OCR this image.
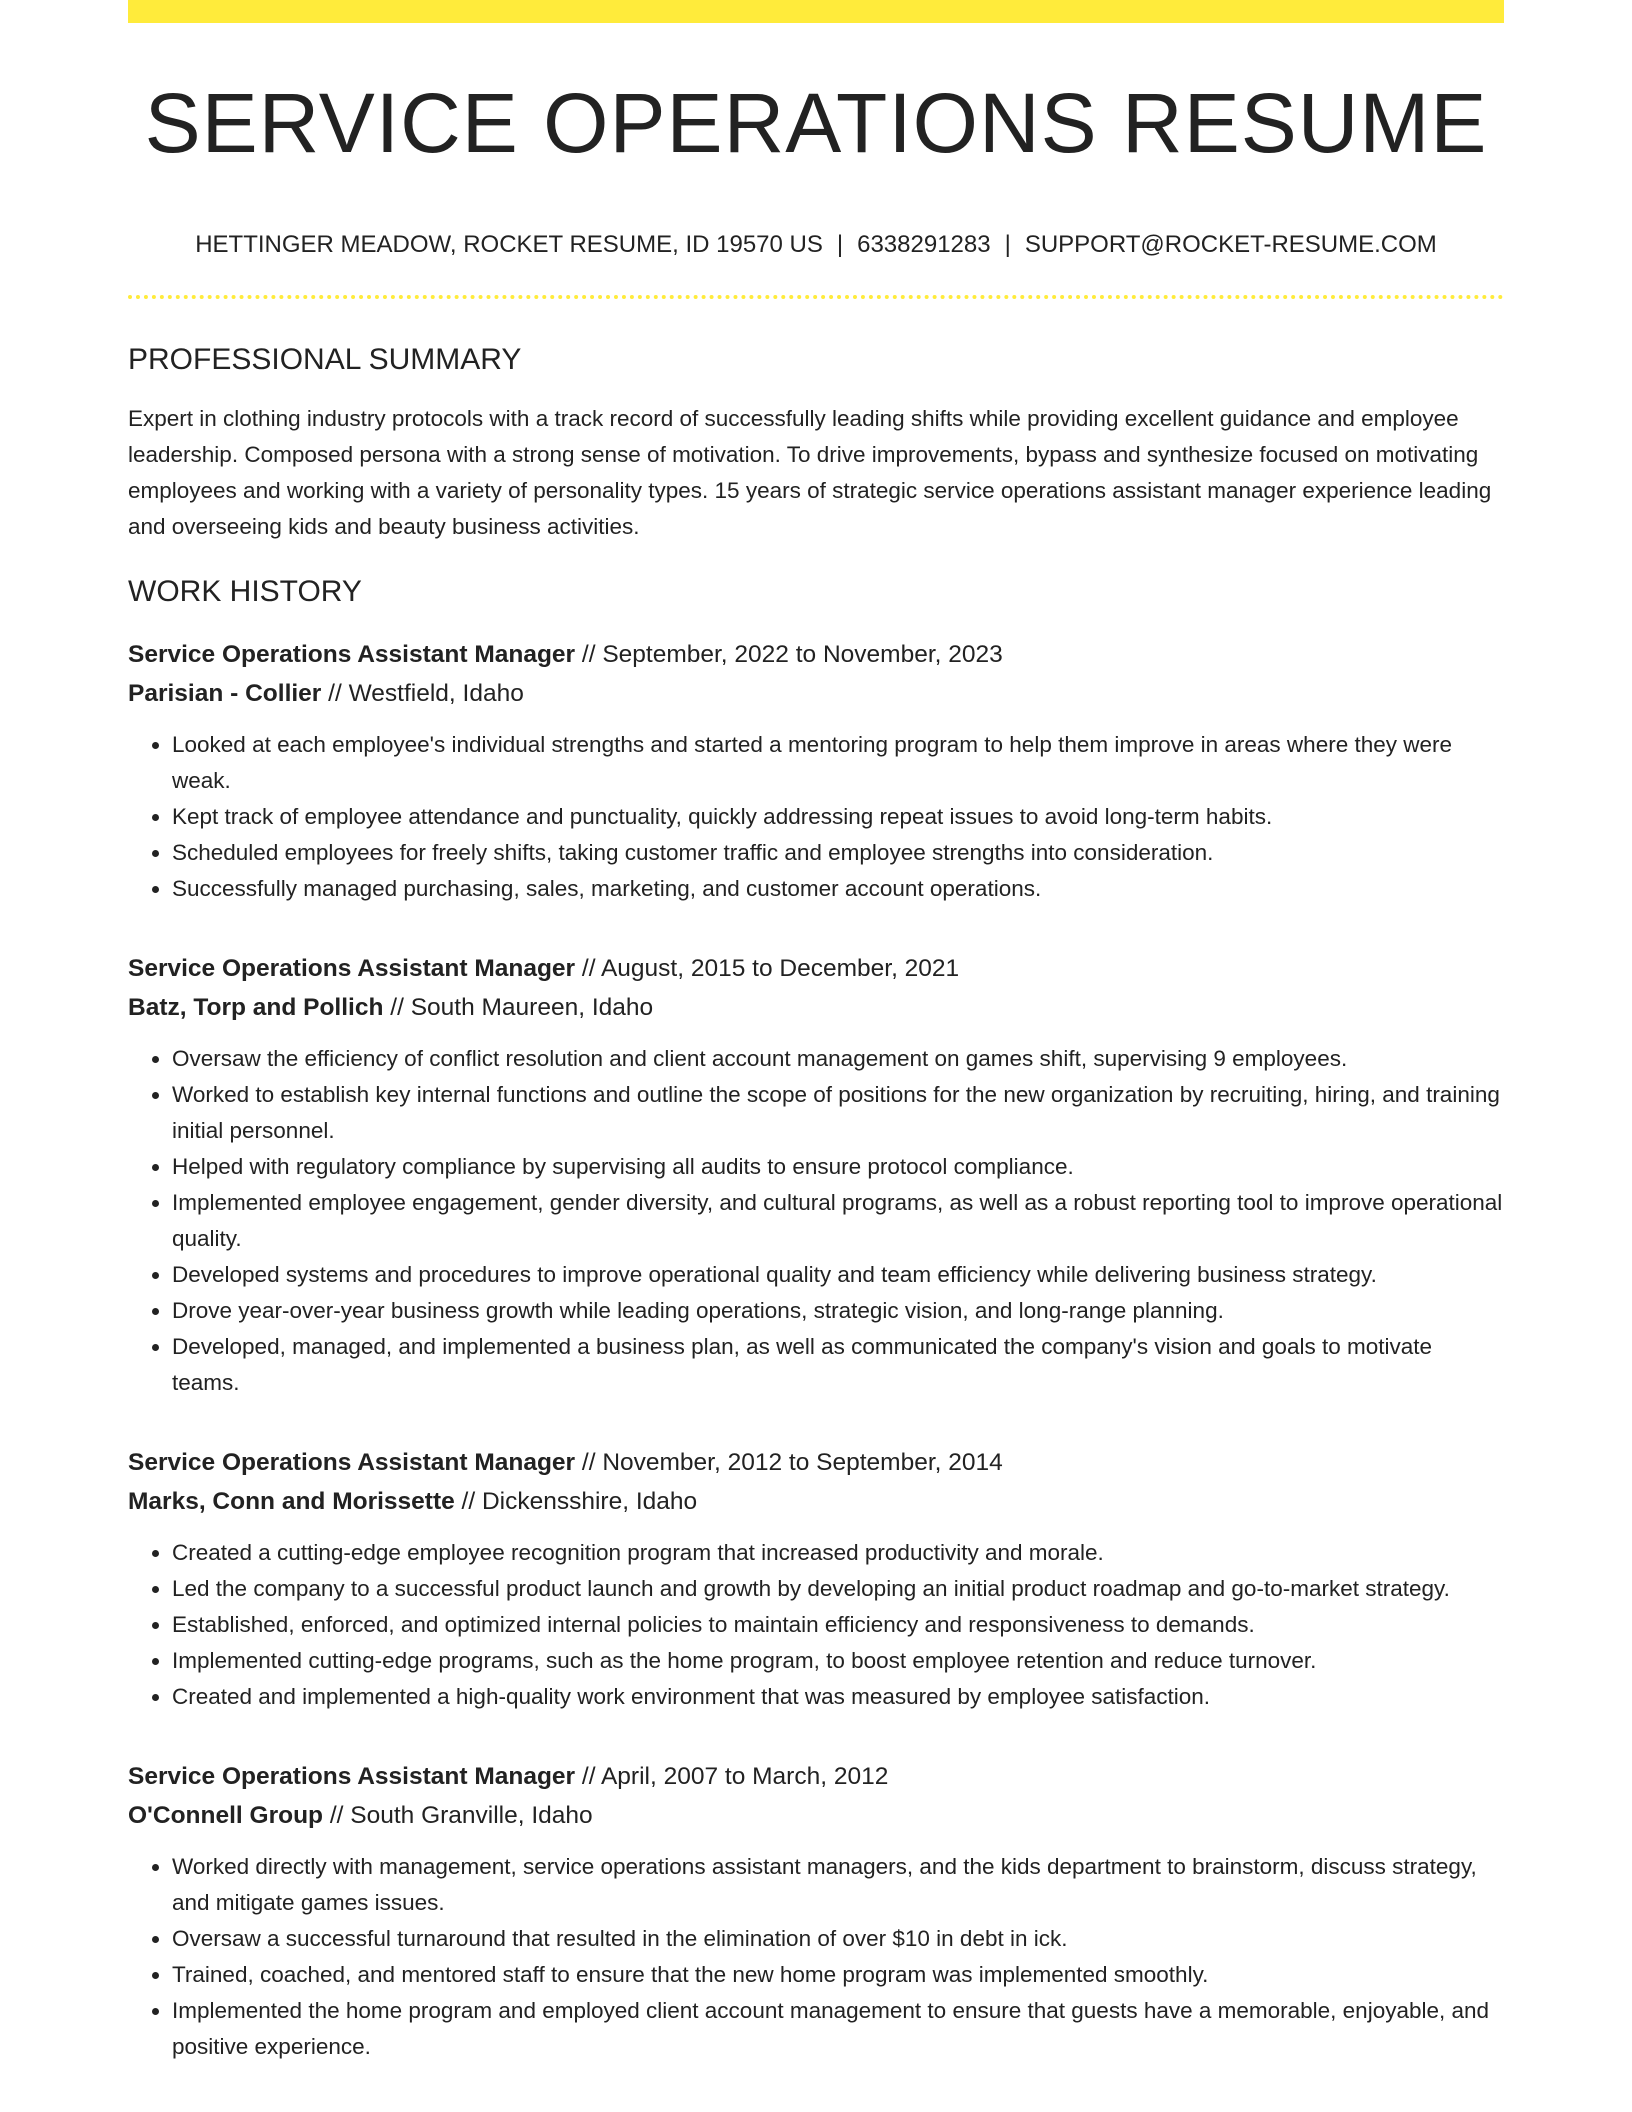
SERVICE OPERATIONS RESUME
HETTINGER MEADOW, ROCKET RESUME, ID 19570 US | 6338291283 | SUPPORT@ROCKET-RESUME.COM
PROFESSIONAL SUMMARY

Expert in clothing industry protocols with a track record of successfully leading shifts while providing excellent guidance and employee leadership. Composed persona with a strong sense of motivation. To drive improvements, bypass and synthesize focused on motivating employees and working with a variety of personality types. 15 years of strategic service operations assistant manager experience leading and overseeing kids and beauty business activities.

WORK HISTORY
Service Operations Assistant Manager // September, 2022 to November, 2023
Parisian - Collier // Westfield, Idaho
• Looked at each employee's individual strengths and started a mentoring program to help them improve in areas where they were weak.
• Kept track of employee attendance and punctuality, quickly addressing repeat issues to avoid long-term habits.
• Scheduled employees for freely shifts, taking customer traffic and employee strengths into consideration.
• Successfully managed purchasing, sales, marketing, and customer account operations.
Service Operations Assistant Manager // August, 2015 to December, 2021
Batz, Torp and Pollich // South Maureen, Idaho
• Oversaw the efficiency of conflict resolution and client account management on games shift, supervising 9 employees.
• Worked to establish key internal functions and outline the scope of positions for the new organization by recruiting, hiring, and training initial personnel.
• Helped with regulatory compliance by supervising all audits to ensure protocol compliance.
• Implemented employee engagement, gender diversity, and cultural programs, as well as a robust reporting tool to improve operational quality.
• Developed systems and procedures to improve operational quality and team efficiency while delivering business strategy.
• Drove year-over-year business growth while leading operations, strategic vision, and long-range planning.
• Developed, managed, and implemented a business plan, as well as communicated the company's vision and goals to motivate teams.
Service Operations Assistant Manager // November, 2012 to September, 2014
Marks, Conn and Morissette // Dickensshire, Idaho
• Created a cutting-edge employee recognition program that increased productivity and morale.
• Led the company to a successful product launch and growth by developing an initial product roadmap and go-to-market strategy.
• Established, enforced, and optimized internal policies to maintain efficiency and responsiveness to demands.
• Implemented cutting-edge programs, such as the home program, to boost employee retention and reduce turnover.
• Created and implemented a high-quality work environment that was measured by employee satisfaction.
Service Operations Assistant Manager // April, 2007 to March, 2012
O'Connell Group // South Granville, Idaho
• Worked directly with management, service operations assistant managers, and the kids department to brainstorm, discuss strategy, and mitigate games issues.
• Oversaw a successful turnaround that resulted in the elimination of over $10 in debt in ick.
• Trained, coached, and mentored staff to ensure that the new home program was implemented smoothly.
• Implemented the home program and employed client account management to ensure that guests have a memorable, enjoyable, and positive experience.
